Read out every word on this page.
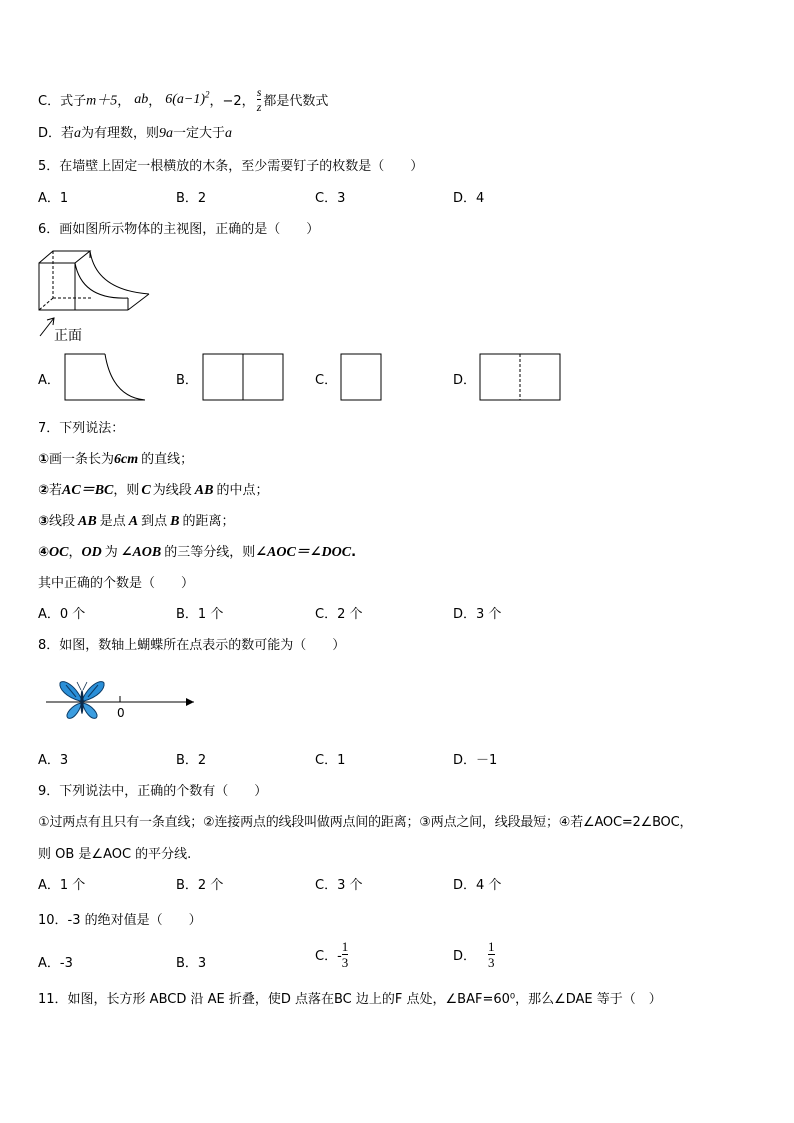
C．式子m＋5， ab， $6(a-1)^2$，−2， $\frac{s}{z}$ 都是代数式
D．若a为有理数，则9a一定大于a
5．在墙壁上固定一根横放的木条，至少需要钉子的枚数是（　　）
A．1	B．2	C．3	D．4
6．画如图所示物体的主视图，正确的是（　　）
正面
A．	B．	C．	D．
7．下列说法：
①画一条长为6cm 的直线；
②若AC＝BC，则 C 为线段 AB 的中点；
③线段 AB 是点 A 到点 B 的距离；
④OC，OD 为 ∠AOB 的三等分线，则∠AOC＝∠DOC.
其中正确的个数是（　　）
A．0 个	B．1 个	C．2 个	D．3 个
8．如图，数轴上蝴蝶所在点表示的数可能为（　　）
0
A．3	B．2	C．1	D．－1
9．下列说法中，正确的个数有（　　）
①过两点有且只有一条直线；②连接两点的线段叫做两点间的距离；③两点之间，线段最短；④若∠AOC=2∠BOC，
则 OB 是∠AOC 的平分线.
A．1 个	B．2 个	C．3 个	D．4 个
10．-3 的绝对值是（　　）
A．-3	B．3	C．- $\frac{1}{3}$	D． $\frac{1}{3}$
11．如图，长方形 ABCD 沿 AE 折叠，使D 点落在BC 边上的F 点处，∠BAF=60⁰，那么∠DAE 等于（　）
